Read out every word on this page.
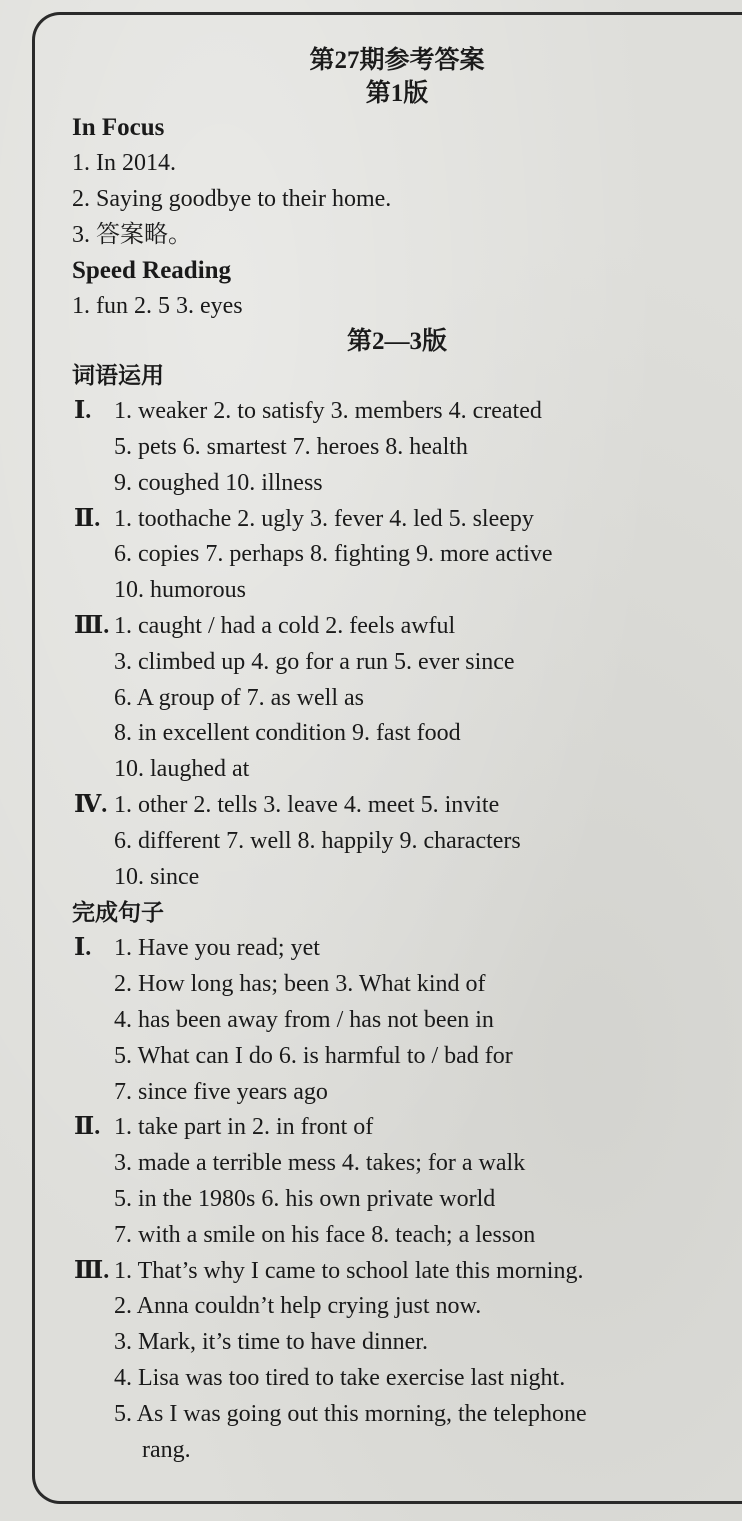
第27期参考答案
第1版
In Focus
1. In 2014.
2. Saying goodbye to their home.
3. 答案略。
Speed Reading
1. fun 2. 5 3. eyes
第2—3版
词语运用
Ⅰ. 1. weaker 2. to satisfy 3. members 4. created
5. pets 6. smartest 7. heroes 8. health
9. coughed 10. illness
Ⅱ. 1. toothache 2. ugly 3. fever 4. led 5. sleepy
6. copies 7. perhaps 8. fighting 9. more active
10. humorous
Ⅲ. 1. caught / had a cold 2. feels awful
3. climbed up 4. go for a run 5. ever since
6. A group of 7. as well as
8. in excellent condition 9. fast food
10. laughed at
Ⅳ. 1. other 2. tells 3. leave 4. meet 5. invite
6. different 7. well 8. happily 9. characters
10. since
完成句子
Ⅰ. 1. Have you read; yet
2. How long has; been 3. What kind of
4. has been away from / has not been in
5. What can I do 6. is harmful to / bad for
7. since five years ago
Ⅱ. 1. take part in 2. in front of
3. made a terrible mess 4. takes; for a walk
5. in the 1980s 6. his own private world
7. with a smile on his face 8. teach; a lesson
Ⅲ. 1. That’s why I came to school late this morning.
2. Anna couldn’t help crying just now.
3. Mark, it’s time to have dinner.
4. Lisa was too tired to take exercise last night.
5. As I was going out this morning, the telephone
rang.
